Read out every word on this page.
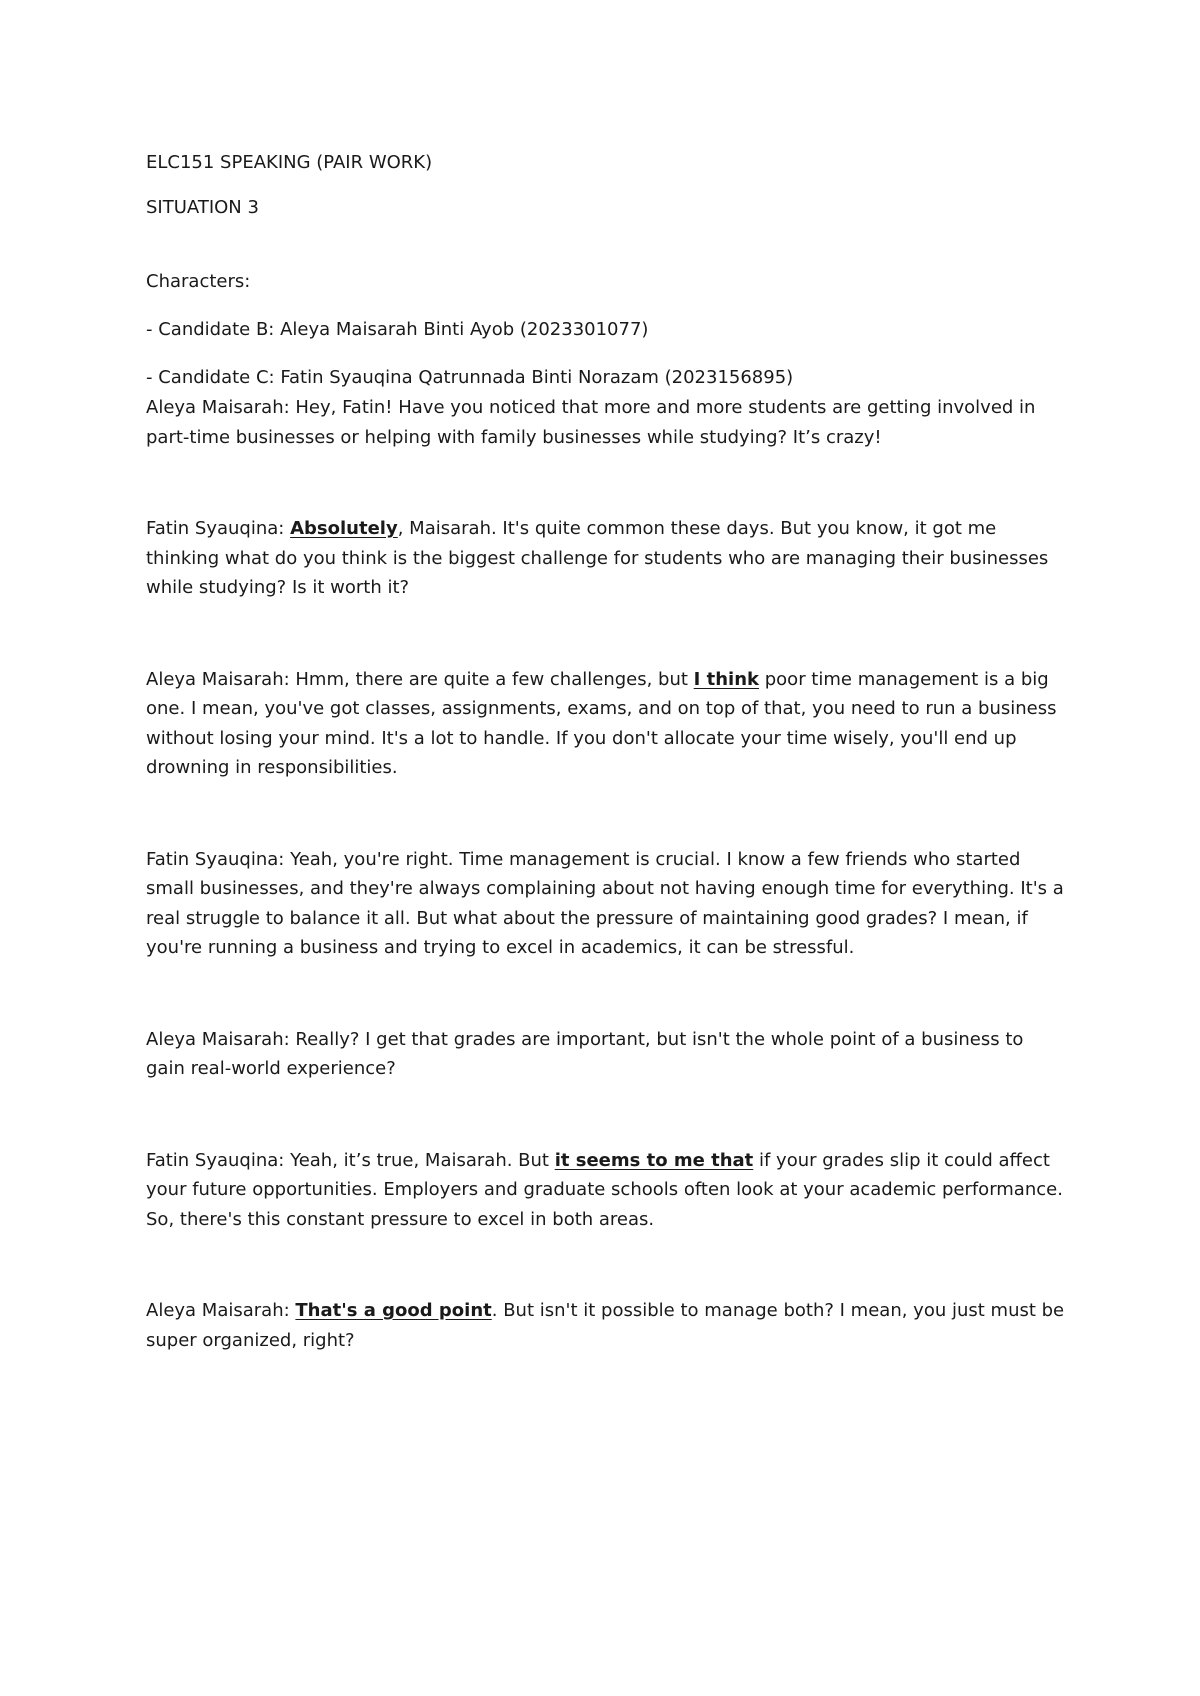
ELC151 SPEAKING (PAIR WORK)

SITUATION 3

Characters:

- Candidate B: Aleya Maisarah Binti Ayob (2023301077)

- Candidate C: Fatin Syauqina Qatrunnada Binti Norazam (2023156895)

Aleya Maisarah: Hey, Fatin! Have you noticed that more and more students are getting involved in part-time businesses or helping with family businesses while studying? It’s crazy!

Fatin Syauqina: Absolutely, Maisarah. It's quite common these days. But you know, it got me thinking what do you think is the biggest challenge for students who are managing their businesses while studying? Is it worth it?

Aleya Maisarah: Hmm, there are quite a few challenges, but I think poor time management is a big one. I mean, you've got classes, assignments, exams, and on top of that, you need to run a business without losing your mind. It's a lot to handle. If you don't allocate your time wisely, you'll end up drowning in responsibilities.

Fatin Syauqina: Yeah, you're right. Time management is crucial. I know a few friends who started small businesses, and they're always complaining about not having enough time for everything. It's a real struggle to balance it all. But what about the pressure of maintaining good grades? I mean, if you're running a business and trying to excel in academics, it can be stressful.

Aleya Maisarah: Really? I get that grades are important, but isn't the whole point of a business to gain real-world experience?

Fatin Syauqina: Yeah, it’s true, Maisarah. But it seems to me that if your grades slip it could affect your future opportunities. Employers and graduate schools often look at your academic performance. So, there's this constant pressure to excel in both areas.

Aleya Maisarah: That's a good point. But isn't it possible to manage both? I mean, you just must be super organized, right?
